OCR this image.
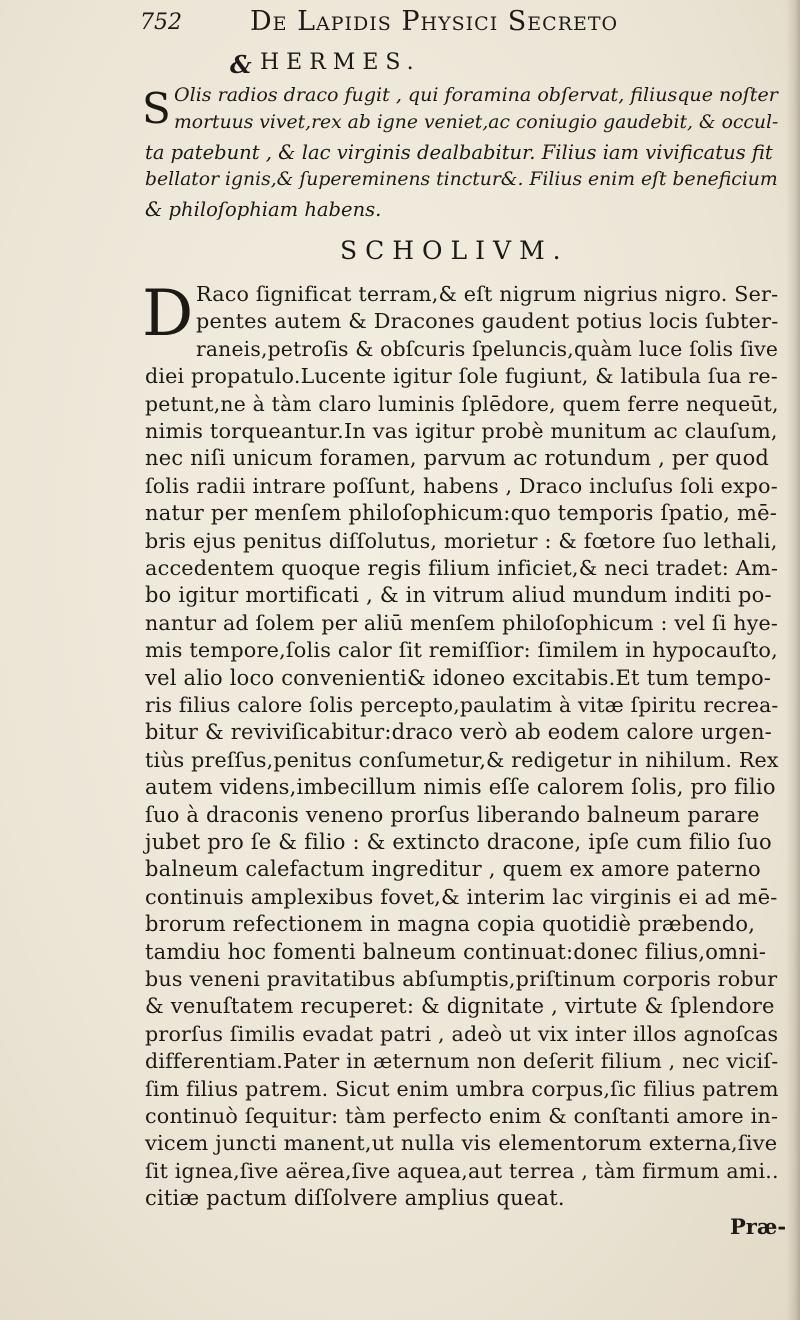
752	De Lapidis Physici Secreto
& HERMES.
S Olis radios draco fugit , qui foramina obſervat, filiusque noſter
mortuus vivet,rex ab igne veniet,ac coniugio gaudebit, & occul-
ta patebunt , & lac virginis dealbabitur. Filius iam vivificatus fit
bellator ignis,& ſupereminens tinctur&. Filius enim eſt beneficium
& philoſophiam habens.
SCHOLIVM.
D Raco ſignificat terram,& eſt nigrum nigrius nigro. Ser-
pentes autem & Dracones gaudent potius locis ſubter-
raneis,petroſis & obſcuris ſpeluncis,quàm luce ſolis ſive
diei propatulo.Lucente igitur ſole fugiunt, & latibula ſua re-
petunt,ne à tàm claro luminis ſplēdore, quem ferre nequeūt,
nimis torqueantur.In vas igitur probè munitum ac clauſum,
nec niſi unicum foramen, parvum ac rotundum , per quod
ſolis radii intrare poſſunt, habens , Draco incluſus ſoli expo-
natur per menſem philoſophicum:quo temporis ſpatio, mē-
bris ejus penitus diſſolutus, morietur : & fœtore ſuo lethali,
accedentem quoque regis filium inficiet,& neci tradet: Am-
bo igitur mortificati , & in vitrum aliud mundum inditi po-
nantur ad ſolem per aliū menſem philoſophicum : vel ſi hye-
mis tempore,ſolis calor ſit remiſſior: ſimilem in hypocauſto,
vel alio loco convenienti& idoneo excitabis.Et tum tempo-
ris filius calore ſolis percepto,paulatim à vitæ ſpiritu recrea-
bitur & reviviſicabitur:draco verò ab eodem calore urgen-
tiùs preſſus,penitus conſumetur,& redigetur in nihilum. Rex
autem videns,imbecillum nimis eſſe calorem ſolis, pro filio
ſuo à draconis veneno prorſus liberando balneum parare
jubet pro ſe & filio : & extincto dracone, ipſe cum filio ſuo
balneum calefactum ingreditur , quem ex amore paterno
continuis amplexibus fovet,& interim lac virginis ei ad mē-
brorum refectionem in magna copia quotidiè præbendo,
tamdiu hoc fomenti balneum continuat:donec filius,omni-
bus veneni pravitatibus abſumptis,priſtinum corporis robur
& venuſtatem recuperet: & dignitate , virtute & ſplendore
prorſus ſimilis evadat patri , adeò ut vix inter illos agnoſcas
differentiam.Pater in æternum non deſerit filium , nec viciſ-
ſim filius patrem. Sicut enim umbra corpus,ſic filius patrem
continuò ſequitur: tàm perfecto enim & conſtanti amore in-
vicem juncti manent,ut nulla vis elementorum externa,ſive
ſit ignea,ſive aërea,ſive aquea,aut terrea , tàm firmum ami..
citiæ pactum diſſolvere amplius queat.
Præ-
